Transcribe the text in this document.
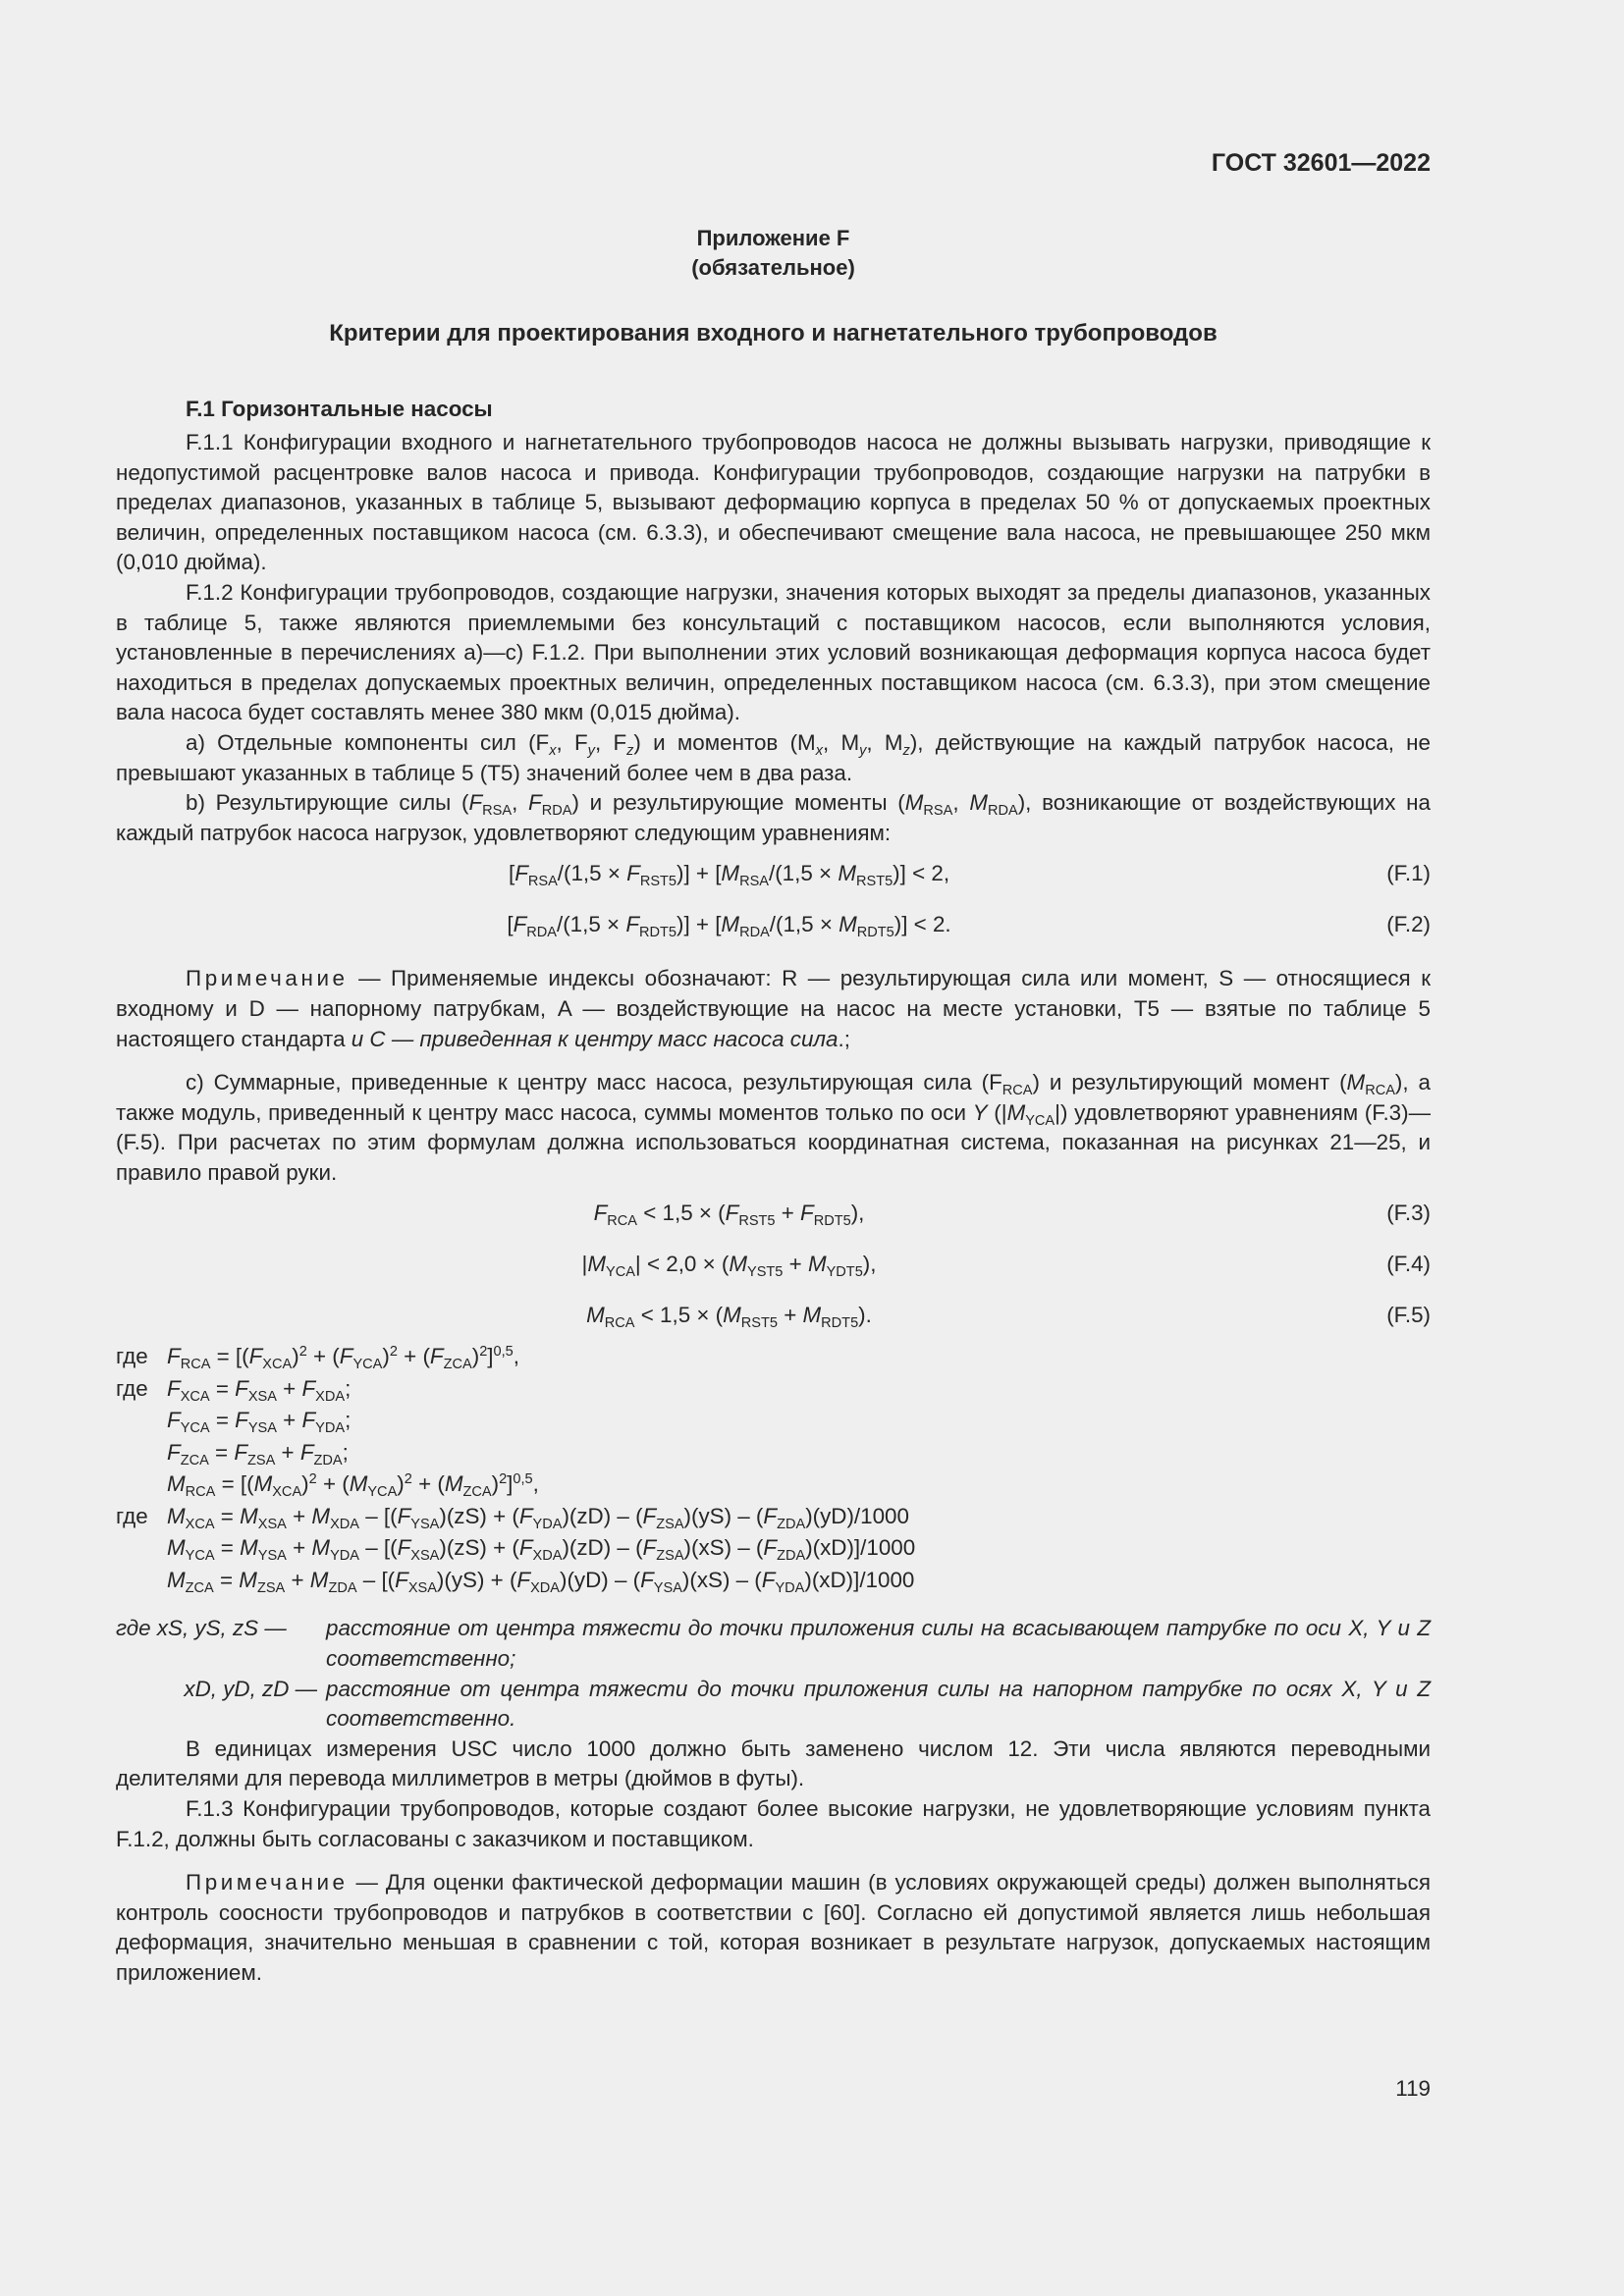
ГОСТ 32601—2022
Приложение F
(обязательное)
Критерии для проектирования входного и нагнетательного трубопроводов

F.1 Горизонтальные насосы

F.1.1 Конфигурации входного и нагнетательного трубопроводов насоса не должны вызывать нагрузки, приводящие к недопустимой расцентровке валов насоса и привода. Конфигурации трубопроводов, создающие нагрузки на патрубки в пределах диапазонов, указанных в таблице 5, вызывают деформацию корпуса в пределах 50 % от допускаемых проектных величин, определенных поставщиком насоса (см. 6.3.3), и обеспечивают смещение вала насоса, не превышающее 250 мкм (0,010 дюйма).

F.1.2 Конфигурации трубопроводов, создающие нагрузки, значения которых выходят за пределы диапазонов, указанных в таблице 5, также являются приемлемыми без консультаций с поставщиком насосов, если выполняются условия, установленные в перечислениях а)—с) F.1.2. При выполнении этих условий возникающая деформация корпуса насоса будет находиться в пределах допускаемых проектных величин, определенных поставщиком насоса (см. 6.3.3), при этом смещение вала насоса будет составлять менее 380 мкм (0,015 дюйма).

а) Отдельные компоненты сил ($F_x$, $F_y$, $F_z$) и моментов ($M_x$, $M_y$, $M_z$), действующие на каждый патрубок насоса, не превышают указанных в таблице 5 (T5) значений более чем в два раза.

b) Результирующие силы ($F_{RSA}$, $F_{RDA}$) и результирующие моменты ($M_{RSA}$, $M_{RDA}$), возникающие от воздействующих на каждый патрубок насоса нагрузок, удовлетворяют следующим уравнениям:

$[F_{RSA}/(1,5 \times F_{RST5})] + [M_{RSA}/(1,5 \times M_{RST5})] < 2$,	(F.1)
$[F_{RDA}/(1,5 \times F_{RDT5})] + [M_{RDA}/(1,5 \times M_{RDT5})] < 2$.	(F.2)

Примечание — Применяемые индексы обозначают: R — результирующая сила или момент, S — относящиеся к входному и D — напорному патрубкам, A — воздействующие на насос на месте установки, T5 — взятые по таблице 5 настоящего стандарта и С — приведенная к центру масс насоса сила.;

с) Суммарные, приведенные к центру масс насоса, результирующая сила $(F_{RCA})$ и результирующий момент $(M_{RCA})$, а также модуль, приведенный к центру масс насоса, суммы моментов только по оси Y $(|M_{YCA}|)$ удовлетворяют уравнениям (F.3)—(F.5). При расчетах по этим формулам должна использоваться координатная система, показанная на рисунках 21—25, и правило правой руки.

$F_{RCA} < 1,5 \times (F_{RST5} + F_{RDT5})$,	(F.3)
$|M_{YCA}| < 2,0 \times (M_{YST5} + M_{YDT5})$,	(F.4)
$M_{RCA} < 1,5 \times (M_{RST5} + M_{RDT5})$.	(F.5)

где $F_{RCA} = [(F_{XCA})^2 + (F_{YCA})^2 + (F_{ZCA})^2]^{0,5}$,

где $F_{XCA} = F_{XSA} + F_{XDA}$;

$F_{YCA} = F_{YSA} + F_{YDA}$;

$F_{ZCA} = F_{ZSA} + F_{ZDA}$;

$M_{RCA} = [(M_{XCA})^2 + (M_{YCA})^2 + (M_{ZCA})^2]^{0,5}$,

где $M_{XCA} = M_{XSA} + M_{XDA} - [(F_{YSA})(zS) + (F_{YDA})(zD) - (F_{ZSA})(yS) - (F_{ZDA})(yD)/1000$

$M_{YCA} = M_{YSA} + M_{YDA} - [(F_{XSA})(zS) + (F_{XDA})(zD) - (F_{ZSA})(xS) - (F_{ZDA})(xD)]/1000$

$M_{ZCA} = M_{ZSA} + M_{ZDA} - [(F_{XSA})(yS) + (F_{XDA})(yD) - (F_{YSA})(xS) - (F_{YDA})(xD)]/1000$

где xS, yS, zS —	расстояние от центра тяжести до точки приложения силы на всасывающем патрубке по оси X, Y и Z соответственно;
xD, yD, zD — расстояние от центра тяжести до точки приложения силы на напорном патрубке по осях X, Y и Z соответственно.

В единицах измерения USC число 1000 должно быть заменено числом 12. Эти числа являются переводными делителями для перевода миллиметров в метры (дюймов в футы).

F.1.3 Конфигурации трубопроводов, которые создают более высокие нагрузки, не удовлетворяющие условиям пункта F.1.2, должны быть согласованы с заказчиком и поставщиком.

Примечание — Для оценки фактической деформации машин (в условиях окружающей среды) должен выполняться контроль соосности трубопроводов и патрубков в соответствии с [60]. Согласно ей допустимой является лишь небольшая деформация, значительно меньшая в сравнении с той, которая возникает в результате нагрузок, допускаемых настоящим приложением.

119
